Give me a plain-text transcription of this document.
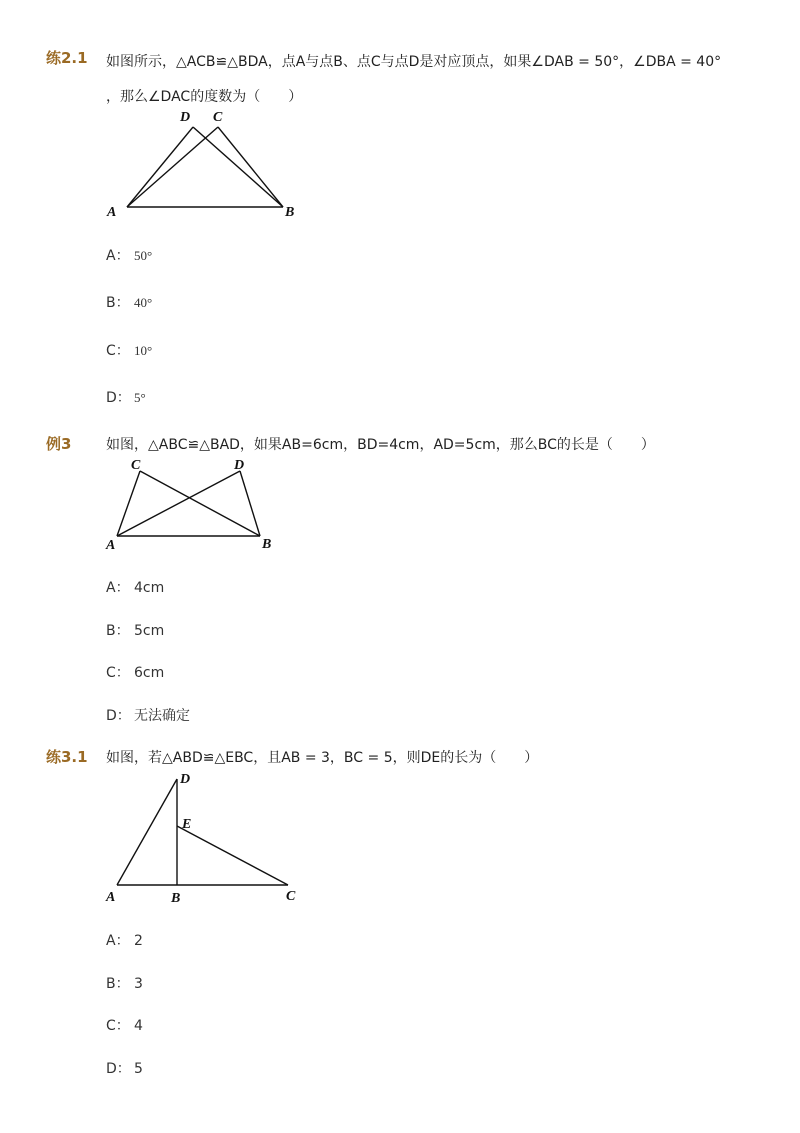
练2.1 如图所示，△ACB≌△BDA，点A与点B、点C与点D是对应顶点，如果∠DAB = 50°，∠DBA = 40°
，那么∠DAC的度数为（　　）
D C
A	B
C	D
A	B
D
E
A	B	C
A： 50°
B： 40°
C： 10°
D： 5°
例3 如图，△ABC≌△BAD，如果AB=6cm，BD=4cm，AD=5cm，那么BC的长是（　　）
A： 4cm
B： 5cm
C： 6cm
D： 无法确定
练3.1 如图，若△ABD≌△EBC，且AB = 3，BC = 5，则DE的长为（　　）
A： 2
B： 3
C： 4
D： 5
